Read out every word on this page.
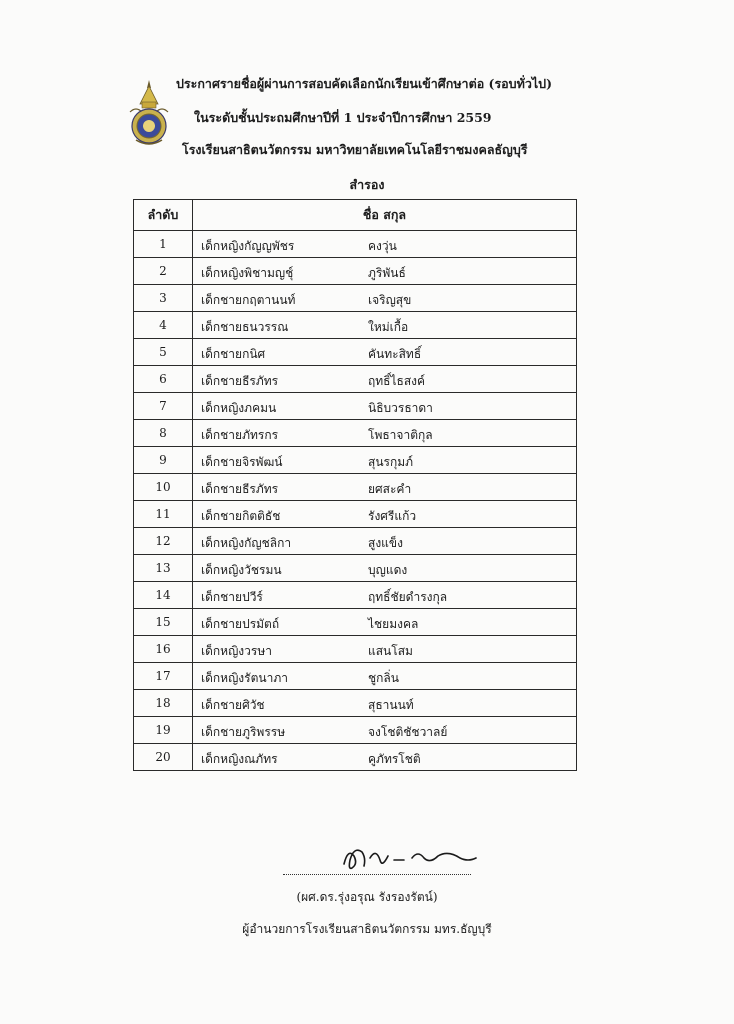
ประกาศรายชื่อผู้ผ่านการสอบคัดเลือกนักเรียนเข้าศึกษาต่อ (รอบทั่วไป)
ในระดับชั้นประถมศึกษาปีที่ 1 ประจำปีการศึกษา 2559
โรงเรียนสาธิตนวัตกรรม มหาวิทยาลัยเทคโนโลยีราชมงคลธัญบุรี
สำรอง
ลำดับ	ชื่อ สกุล
1	เด็กหญิงกัญญพัชร คงวุ่น

2	เด็กหญิงพิชามญชุ์ ภูริพันธ์

3	เด็กชายกฤตานนท์ เจริญสุข

4	เด็กชายธนวรรณ ใหม่เกื้อ

5	เด็กชายกนิศ คันทะสิทธิ์

6	เด็กชายธีรภัทร ฤทธิ์ไธสงค์

7	เด็กหญิงภคมน นิธิบวรธาดา

8	เด็กชายภัทรกร โพธาจาติกุล

9	เด็กชายจิรพัฒน์ สุนรกุมภ์

10	เด็กชายธีรภัทร ยศสะคำ

11	เด็กชายกิตติธัช รังศรีแก้ว

12	เด็กหญิงกัญชลิกา สูงแข็ง

13	เด็กหญิงวัชรมน บุญแดง

14	เด็กชายปวีร์ ฤทธิ์ชัยดำรงกุล

15	เด็กชายปรมัตถ์ ไชยมงคล

16	เด็กหญิงวรษา แสนโสม

17	เด็กหญิงรัตนาภา ชูกลิ่น

18	เด็กชายศิวัช สุธานนท์

19	เด็กชายภูริพรรษ จงโชติชัชวาลย์

20	เด็กหญิงณภัทร คูภัทรโชติ
(ผศ.ดร.รุ่งอรุณ รังรองรัตน์)
ผู้อำนวยการโรงเรียนสาธิตนวัตกรรม มทร.ธัญบุรี
